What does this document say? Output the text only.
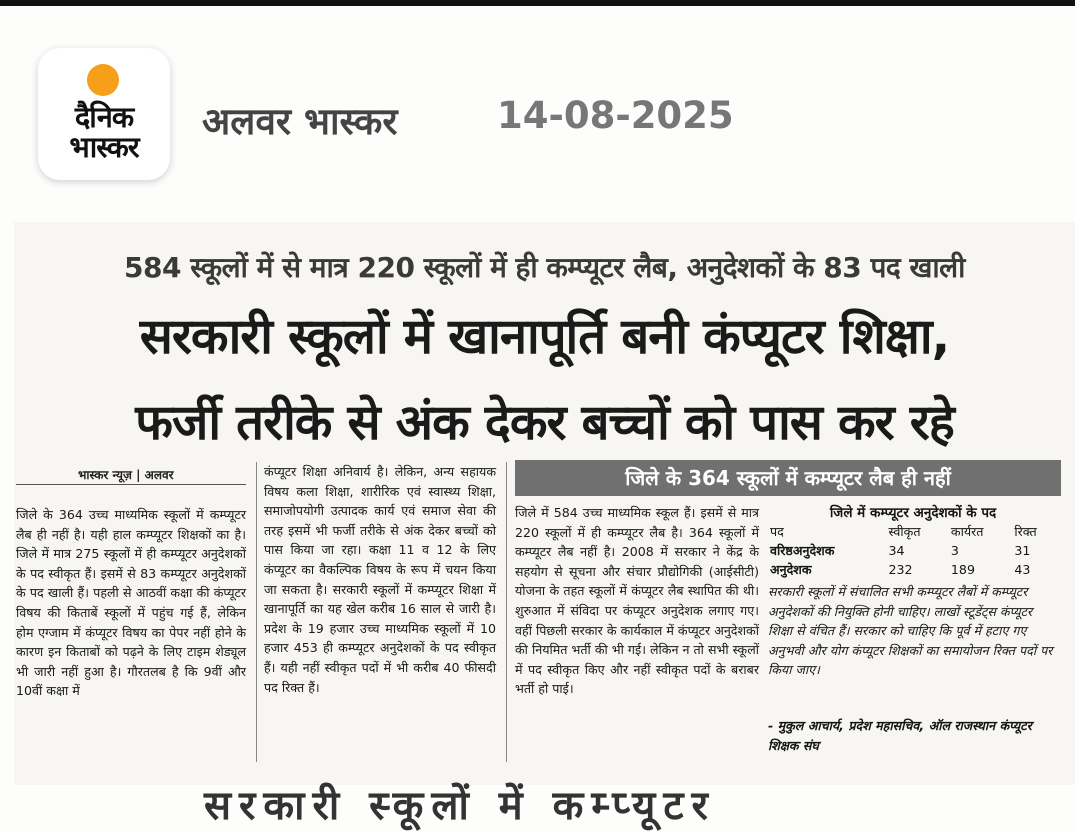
दैनिक
भास्कर
अलवर भास्कर	14-08-2025
584 स्कूलों में से मात्र 220 स्कूलों में ही कम्प्यूटर लैब, अनुदेशकों के 83 पद खाली
सरकारी स्कूलों में खानापूर्ति बनी कंप्यूटर शिक्षा,
फर्जी तरीके से अंक देकर बच्चों को पास कर रहे
भास्कर न्यूज़ | अलवर
जिले के 364 उच्च माध्यमिक स्कूलों में कम्प्यूटर लैब ही नहीं है। यही हाल कम्प्यूटर शिक्षकों का है। जिले में मात्र 275 स्कूलों में ही कम्प्यूटर अनुदेशकों के पद स्वीकृत हैं। इसमें से 83 कम्प्यूटर अनुदेशकों के पद खाली हैं। पहली से आठवीं कक्षा की कंप्यूटर विषय की किताबें स्कूलों में पहुंच गई हैं, लेकिन होम एग्जाम में कंप्यूटर विषय का पेपर नहीं होने के कारण इन किताबों को पढ़ने के लिए टाइम शेड्यूल भी जारी नहीं हुआ है। गौरतलब है कि 9वीं और 10वीं कक्षा में
कंप्यूटर शिक्षा अनिवार्य है। लेकिन, अन्य सहायक विषय कला शिक्षा, शारीरिक एवं स्वास्थ्य शिक्षा, समाजोपयोगी उत्पादक कार्य एवं समाज सेवा की तरह इसमें भी फर्जी तरीके से अंक देकर बच्चों को पास किया जा रहा। कक्षा 11 व 12 के लिए कंप्यूटर का वैकल्पिक विषय के रूप में चयन किया जा सकता है। सरकारी स्कूलों में कम्प्यूटर शिक्षा में खानापूर्ति का यह खेल करीब 16 साल से जारी है। प्रदेश के 19 हजार उच्च माध्यमिक स्कूलों में 10 हजार 453 ही कम्प्यूटर अनुदेशकों के पद स्वीकृत हैं। यही नहीं स्वीकृत पदों में भी करीब 40 फीसदी पद रिक्त हैं।
जिले के 364 स्कूलों में कम्प्यूटर लैब ही नहीं
जिले में 584 उच्च माध्यमिक स्कूल हैं। इसमें से मात्र 220 स्कूलों में ही कम्प्यूटर लैब है। 364 स्कूलों में कम्प्यूटर लैब नहीं है। 2008 में सरकार ने केंद्र के सहयोग से सूचना और संचार प्रौद्योगिकी (आईसीटी) योजना के तहत स्कूलों में कंप्यूटर लैब स्थापित की थी। शुरुआत में संविदा पर कंप्यूटर अनुदेशक लगाए गए। वहीं पिछली सरकार के कार्यकाल में कंप्यूटर अनुदेशकों की नियमित भर्ती की भी गई। लेकिन न तो सभी स्कूलों में पद स्वीकृत किए और नहीं स्वीकृत पदों के बराबर भर्ती हो पाई।
जिले में कम्प्यूटर अनुदेशकों के पद
पद	स्वीकृत	कार्यरत	रिक्त
वरिष्ठअनुदेशक	34	3	31
अनुदेशक	232	189	43
सरकारी स्कूलों में संचालित सभी कम्प्यूटर लैबों में कम्प्यूटर अनुदेशकों की नियुक्ति होनी चाहिए। लाखों स्टूडेंट्स कंप्यूटर शिक्षा से वंचित हैं। सरकार को चाहिए कि पूर्व में हटाए गए अनुभवी और योग कंप्यूटर शिक्षकों का समायोजन रिक्त पदों पर किया जाए।
- मुकुल आचार्य, प्रदेश महासचिव, ऑल राजस्थान कंप्यूटर शिक्षक संघ
सरकारी स्कूलों में कम्प्यूटर
